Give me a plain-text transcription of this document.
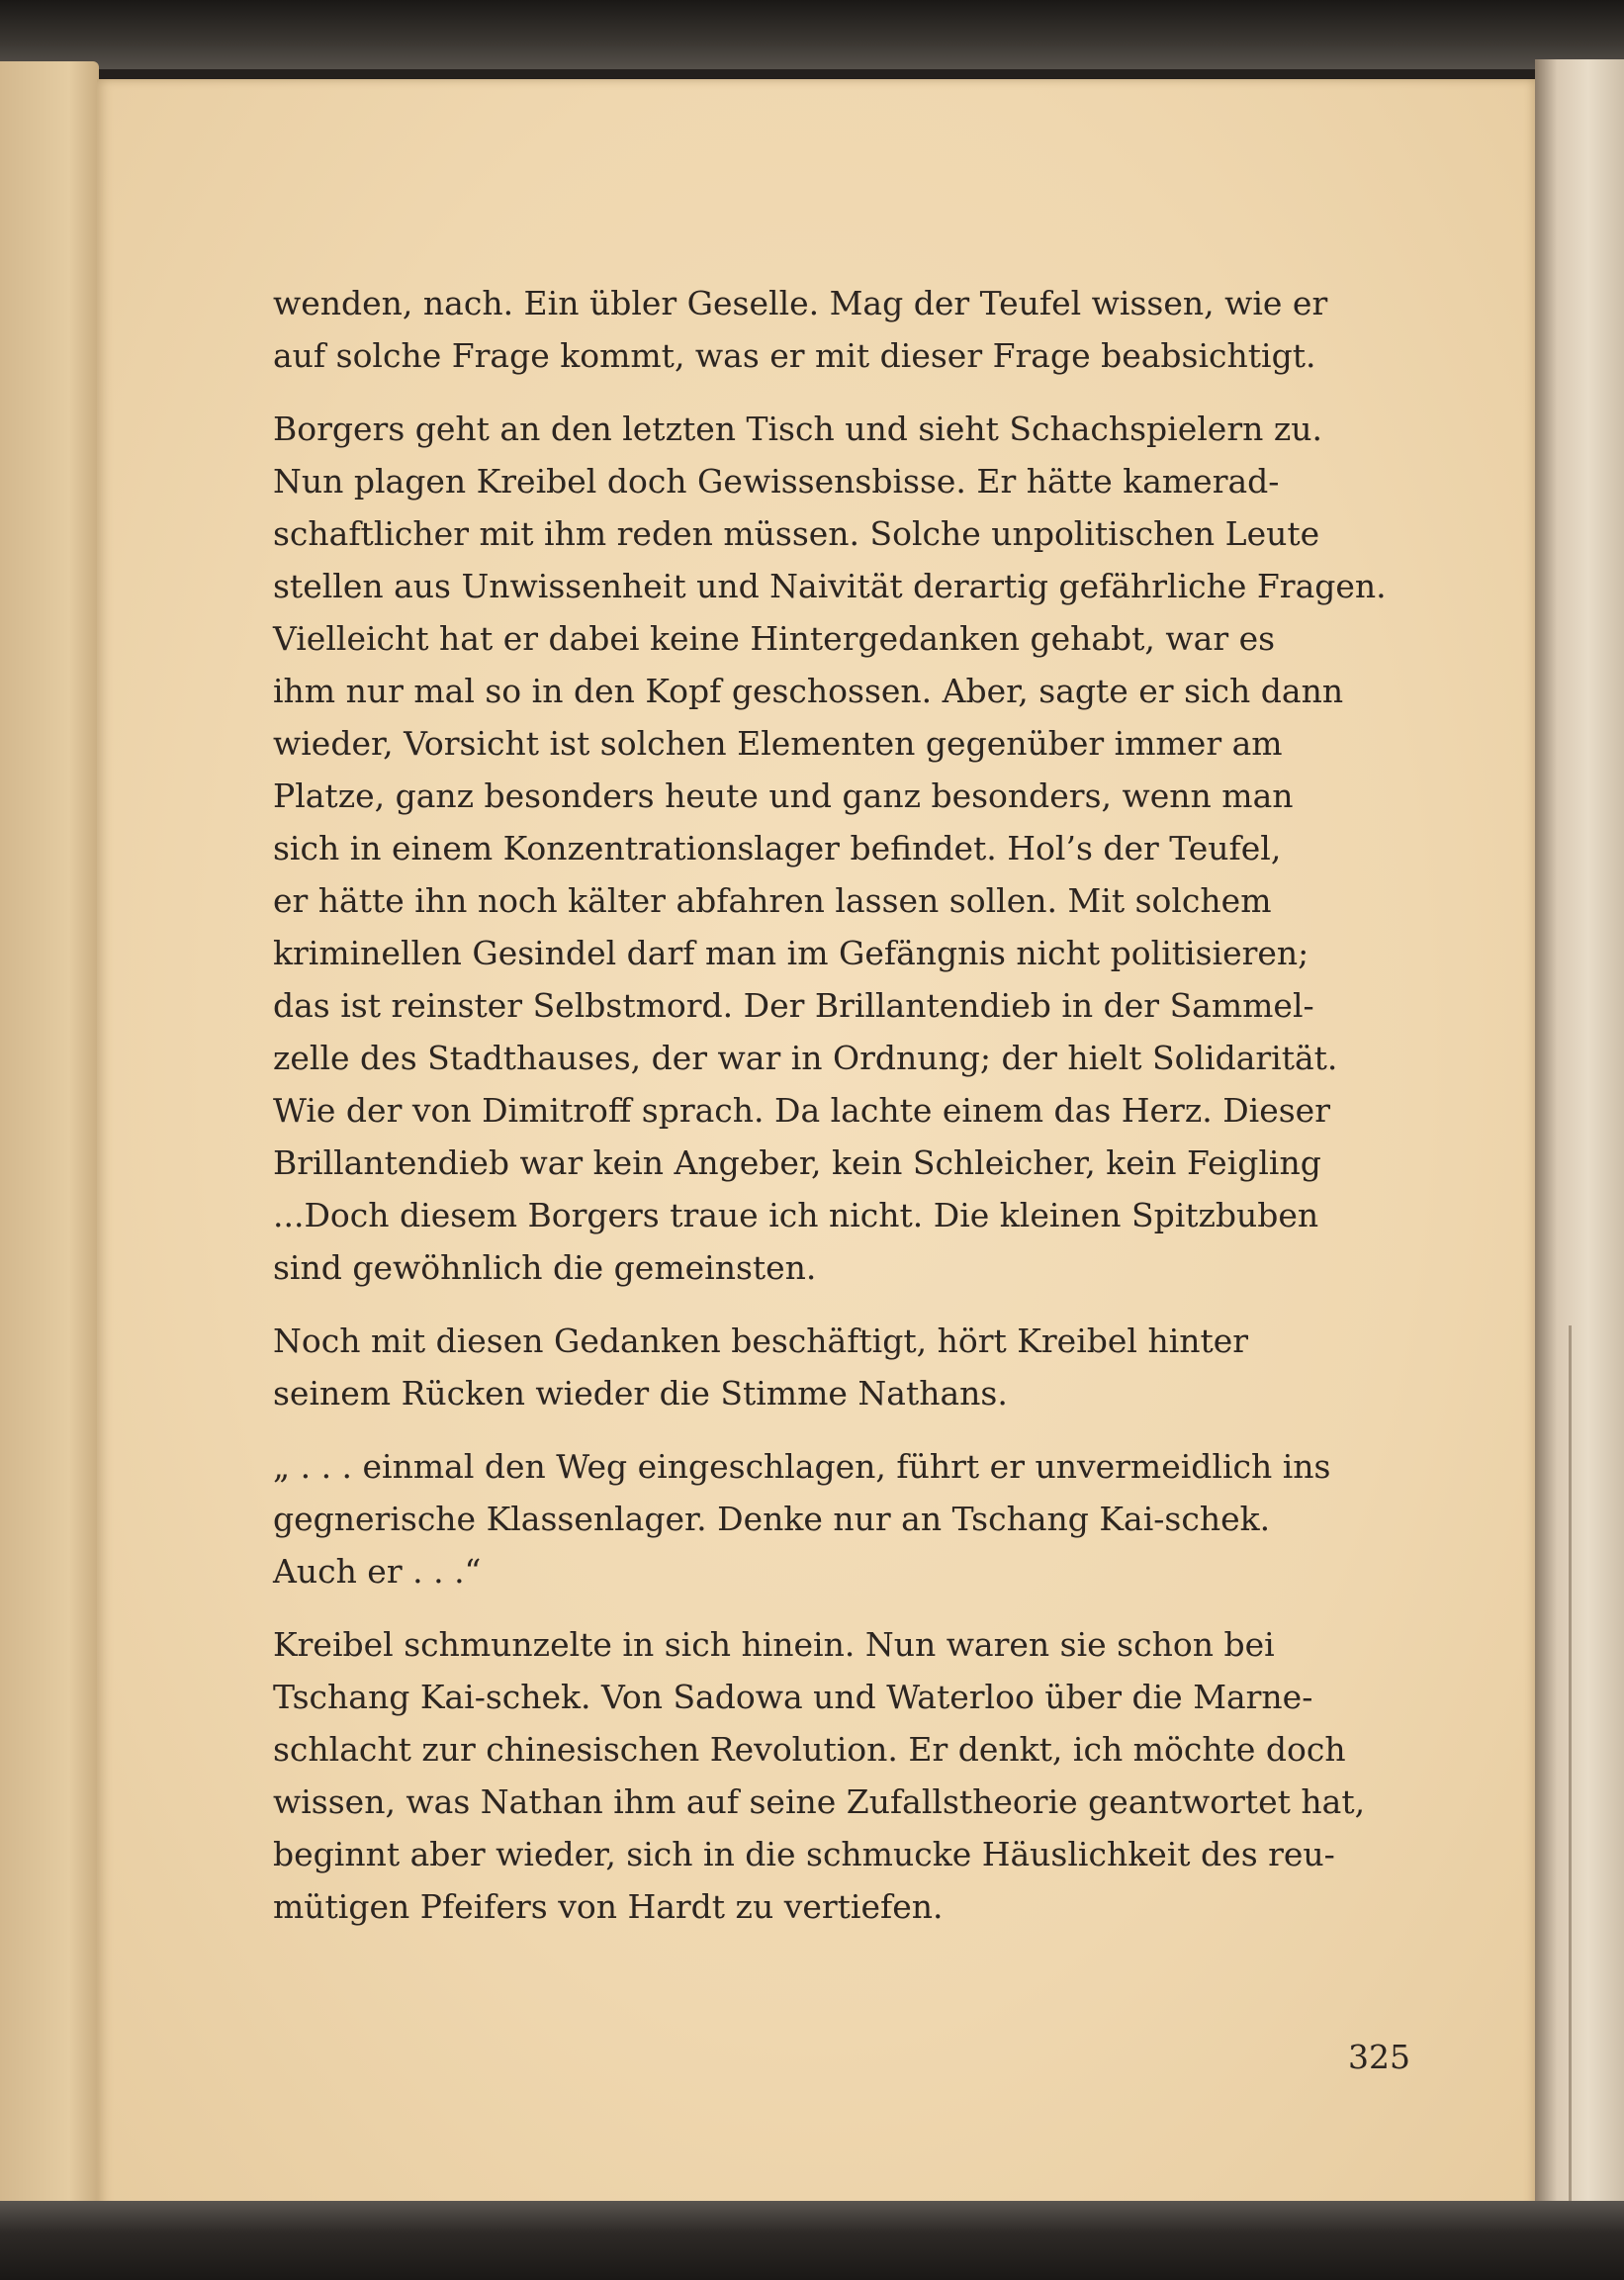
wenden, nach. Ein übler Geselle. Mag der Teufel wissen, wie er
auf solche Frage kommt, was er mit dieser Frage beabsichtigt.
Borgers geht an den letzten Tisch und sieht Schachspielern zu.
Nun plagen Kreibel doch Gewissensbisse. Er hätte kamerad-
schaftlicher mit ihm reden müssen. Solche unpolitischen Leute
stellen aus Unwissenheit und Naivität derartig gefährliche Fragen.
Vielleicht hat er dabei keine Hintergedanken gehabt, war es
ihm nur mal so in den Kopf geschossen. Aber, sagte er sich dann
wieder, Vorsicht ist solchen Elementen gegenüber immer am
Platze, ganz besonders heute und ganz besonders, wenn man
sich in einem Konzentrationslager befindet. Hol’s der Teufel,
er hätte ihn noch kälter abfahren lassen sollen. Mit solchem
kriminellen Gesindel darf man im Gefängnis nicht politisieren;
das ist reinster Selbstmord. Der Brillantendieb in der Sammel-
zelle des Stadthauses, der war in Ordnung; der hielt Solidarität.
Wie der von Dimitroff sprach. Da lachte einem das Herz. Dieser
Brillantendieb war kein Angeber, kein Schleicher, kein Feigling
...Doch diesem Borgers traue ich nicht. Die kleinen Spitzbuben
sind gewöhnlich die gemeinsten.
Noch mit diesen Gedanken beschäftigt, hört Kreibel hinter
seinem Rücken wieder die Stimme Nathans.
„ . . . einmal den Weg eingeschlagen, führt er unvermeidlich ins
gegnerische Klassenlager. Denke nur an Tschang Kai-schek.
Auch er . . .“
Kreibel schmunzelte in sich hinein. Nun waren sie schon bei
Tschang Kai-schek. Von Sadowa und Waterloo über die Marne-
schlacht zur chinesischen Revolution. Er denkt, ich möchte doch
wissen, was Nathan ihm auf seine Zufallstheorie geantwortet hat,
beginnt aber wieder, sich in die schmucke Häuslichkeit des reu-
mütigen Pfeifers von Hardt zu vertiefen.
325
